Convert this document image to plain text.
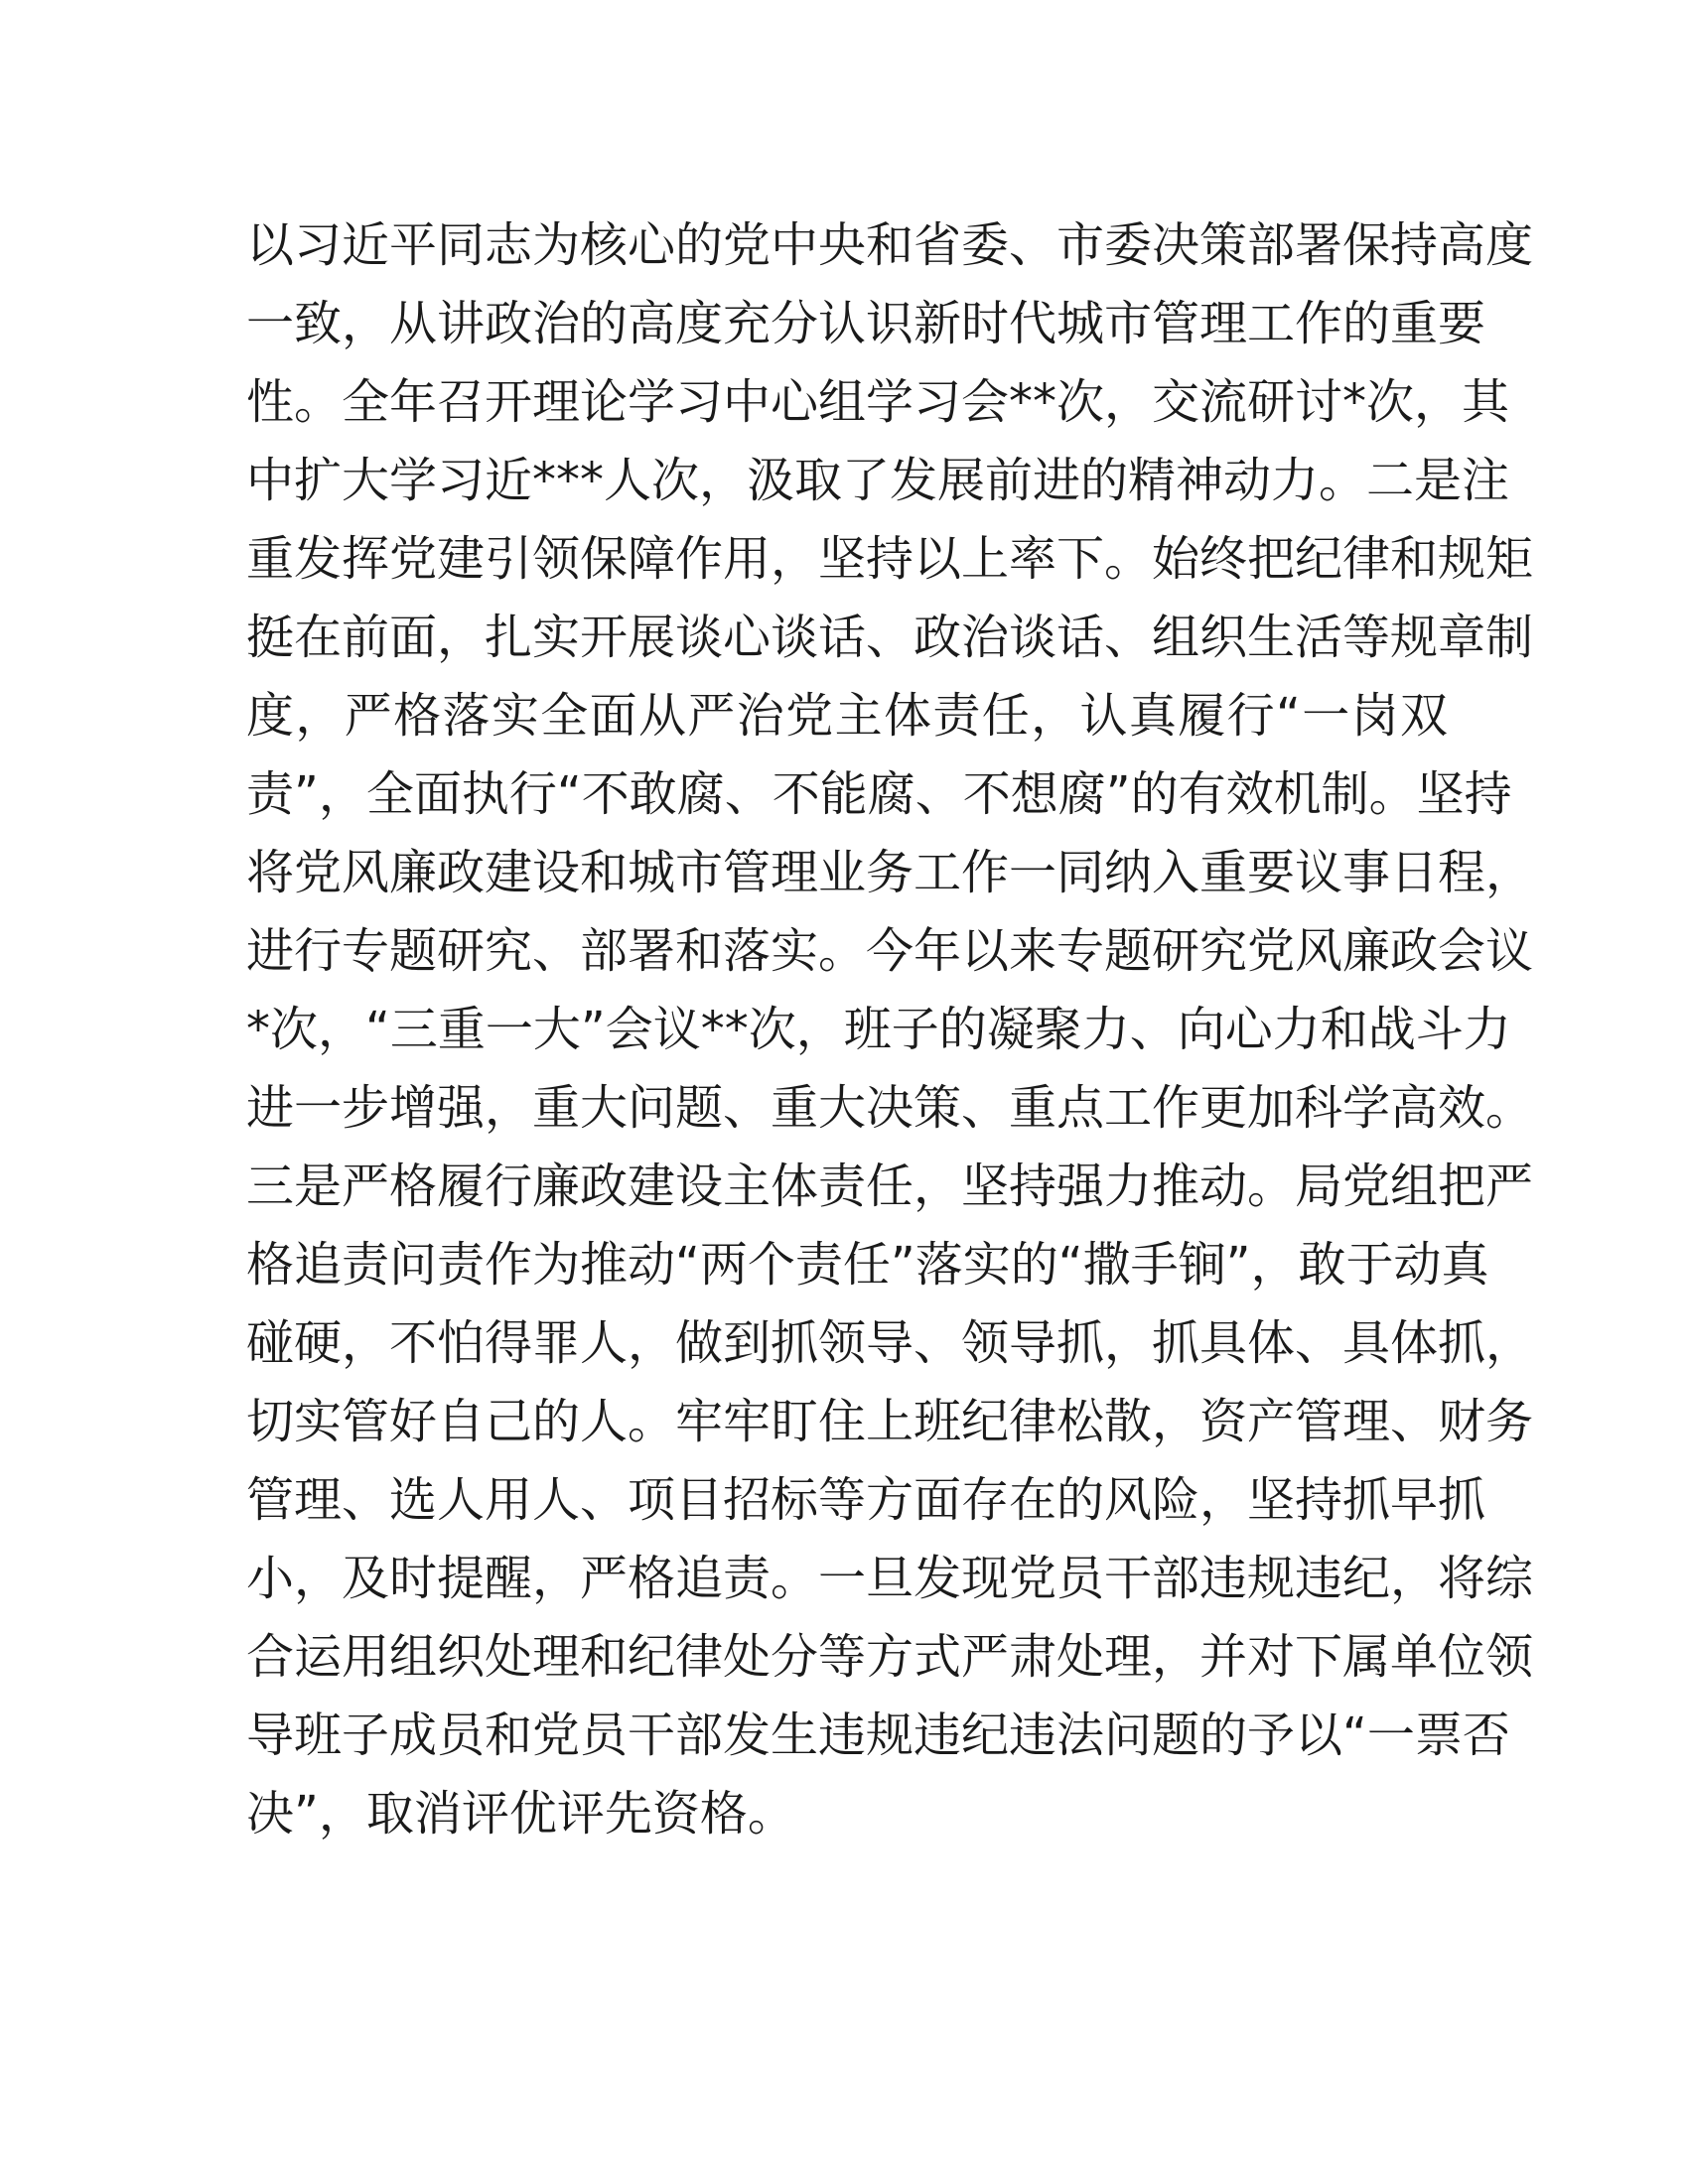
以习近平同志为核心的党中央和省委、市委决策部署保持高度
一致，从讲政治的高度充分认识新时代城市管理工作的重要
性。全年召开理论学习中心组学习会**次，交流研讨*次，其
中扩大学习近***人次，汲取了发展前进的精神动力。二是注
重发挥党建引领保障作用，坚持以上率下。始终把纪律和规矩
挺在前面，扎实开展谈心谈话、政治谈话、组织生活等规章制
度，严格落实全面从严治党主体责任，认真履行“一岗双
责”，全面执行“不敢腐、不能腐、不想腐”的有效机制。坚持
将党风廉政建设和城市管理业务工作一同纳入重要议事日程，
进行专题研究、部署和落实。今年以来专题研究党风廉政会议
*次，“三重一大”会议**次，班子的凝聚力、向心力和战斗力
进一步增强，重大问题、重大决策、重点工作更加科学高效。
三是严格履行廉政建设主体责任，坚持强力推动。局党组把严
格追责问责作为推动“两个责任”落实的“撒手锏”，敢于动真
碰硬，不怕得罪人，做到抓领导、领导抓，抓具体、具体抓，
切实管好自己的人。牢牢盯住上班纪律松散，资产管理、财务
管理、选人用人、项目招标等方面存在的风险，坚持抓早抓
小，及时提醒，严格追责。一旦发现党员干部违规违纪，将综
合运用组织处理和纪律处分等方式严肃处理，并对下属单位领
导班子成员和党员干部发生违规违纪违法问题的予以“一票否
决”，取消评优评先资格。
